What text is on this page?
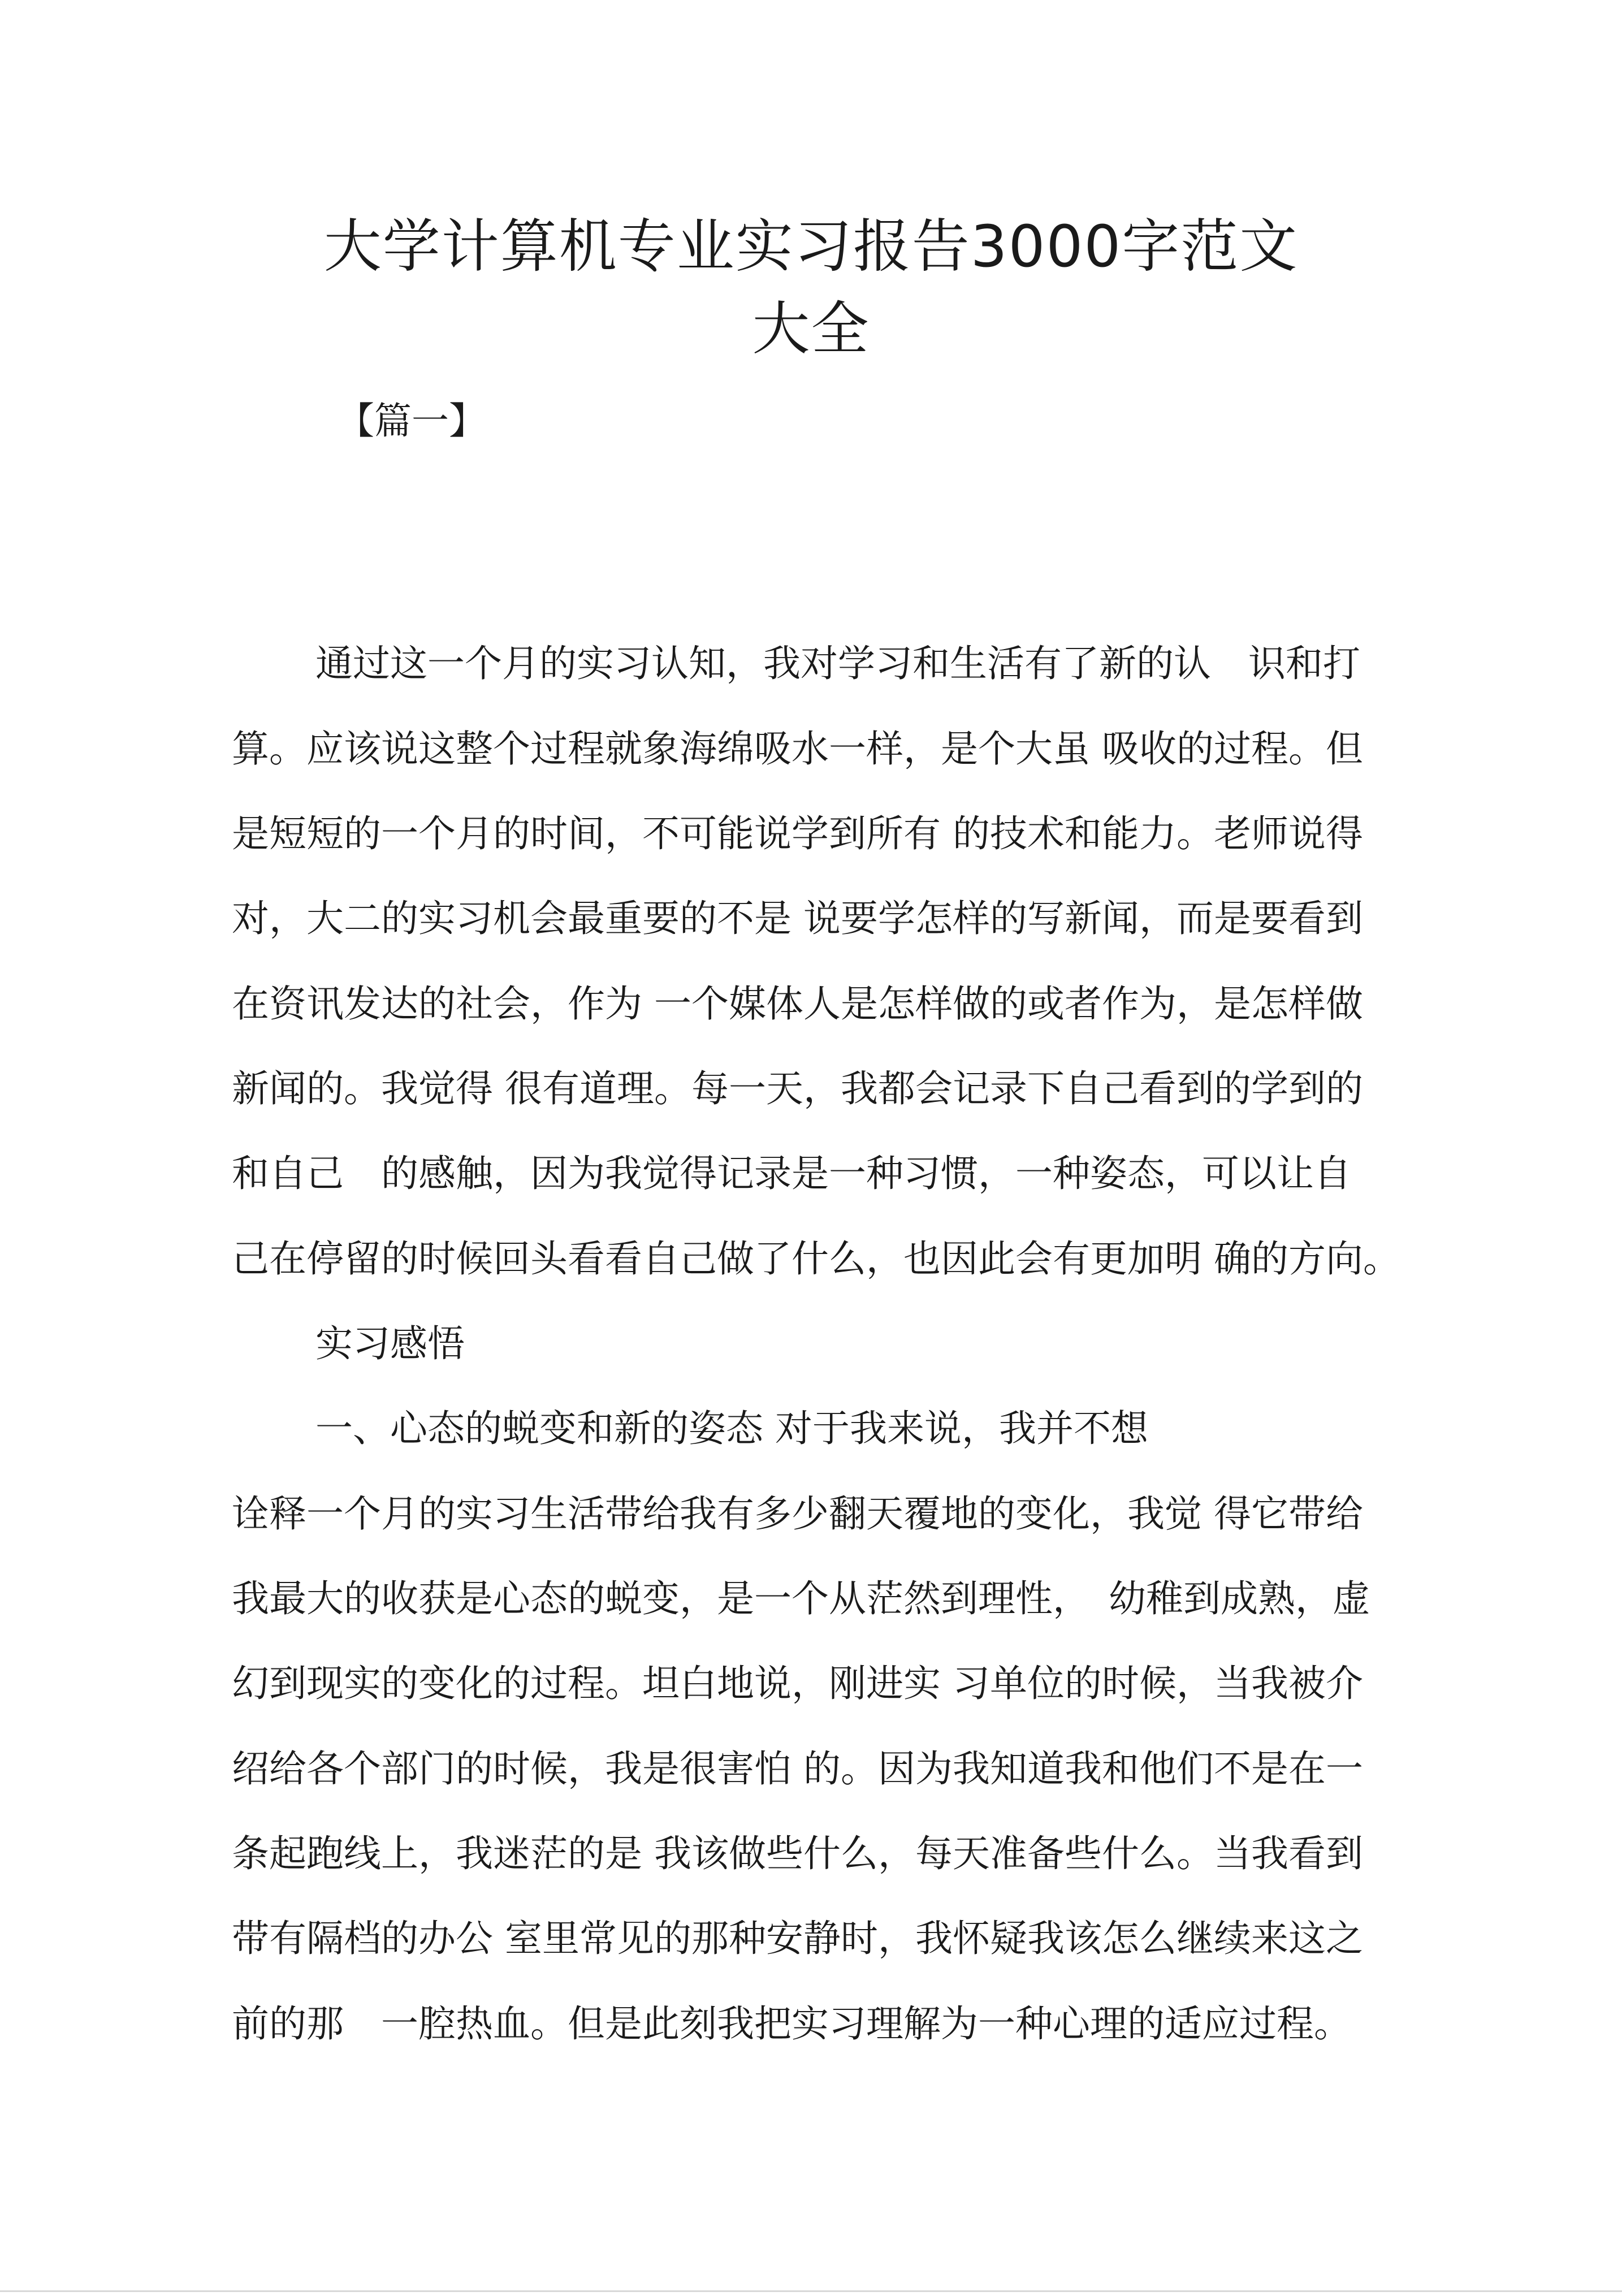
大学计算机专业实习报告3000字范文
大全
【篇一】
通过这一个月的实习认知，我对学习和生活有了新的认　识和打
算。应该说这整个过程就象海绵吸水一样，是个大虽 吸收的过程。但
是短短的一个月的时间，不可能说学到所有 的技术和能力。老师说得
对，大二的实习机会最重要的不是 说要学怎样的写新闻，而是要看到
在资讯发达的社会，作为 一个媒体人是怎样做的或者作为，是怎样做
新闻的。我觉得 很有道理。每一天，我都会记录下自己看到的学到的
和自己　的感触，因为我觉得记录是一种习惯，一种姿态，可以让自
己在停留的时候回头看看自己做了什么，也因此会有更加明 确的方向。
实习感悟
一、心态的蜕变和新的姿态 对于我来说，我并不想
诠释一个月的实习生活带给我有多少翻天覆地的变化，我觉 得它带给
我最大的收获是心态的蜕变，是一个从茫然到理性，　幼稚到成熟，虚
幻到现实的变化的过程。坦白地说，刚进实 习单位的时候，当我被介
绍给各个部门的时候，我是很害怕 的。因为我知道我和他们不是在一
条起跑线上，我迷茫的是 我该做些什么，每天准备些什么。当我看到
带有隔档的办公 室里常见的那种安静时，我怀疑我该怎么继续来这之
前的那　一腔热血。但是此刻我把实习理解为一种心理的适应过程。
